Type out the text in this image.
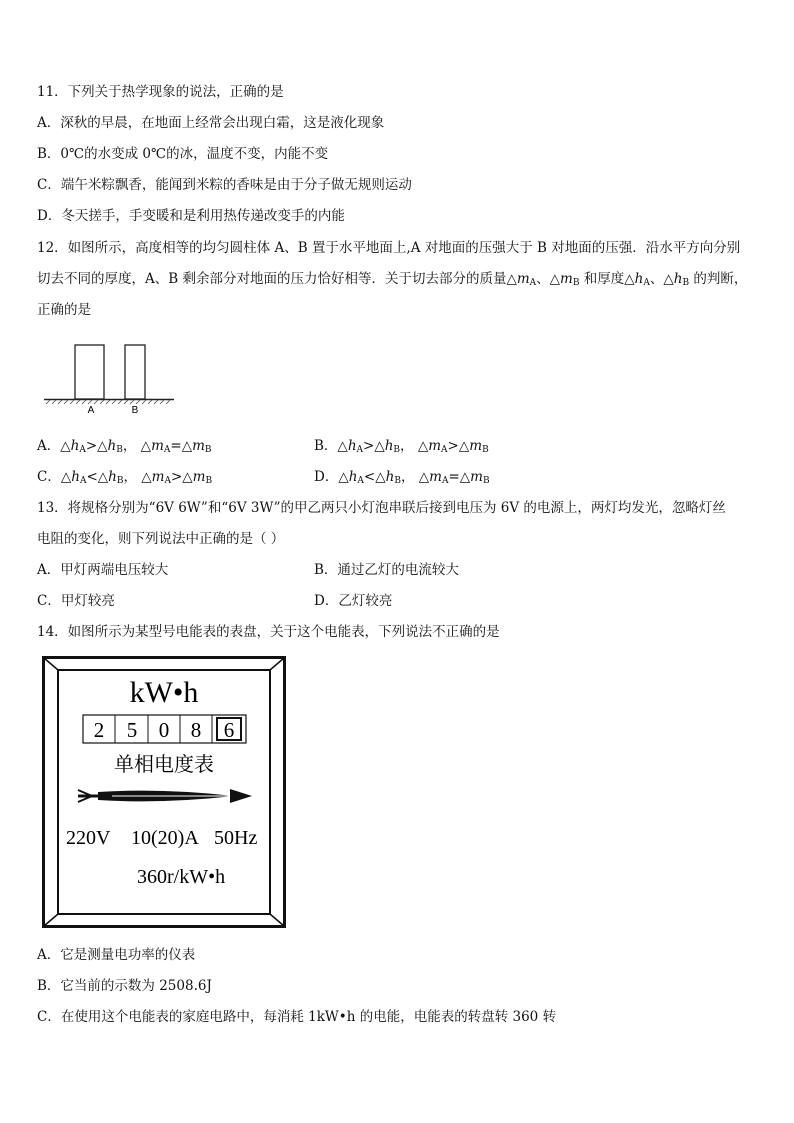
11．下列关于热学现象的说法，正确的是
A．深秋的早晨，在地面上经常会出现白霜，这是液化现象
B．0℃的水变成 0℃的冰，温度不变，内能不变
C．端午米粽飘香，能闻到米粽的香味是由于分子做无规则运动
D．冬天搓手，手变暖和是利用热传递改变手的内能
12．如图所示，高度相等的均匀圆柱体 A、B 置于水平地面上,A 对地面的压强大于 B 对地面的压强．沿水平方向分别
切去不同的厚度，A、B 剩余部分对地面的压力恰好相等．关于切去部分的质量$\triangle m_A$、$\triangle m_B$ 和厚度$\triangle h_A$、$\triangle h_B$ 的判断，
正确的是
A	B
A．$\triangle h_A>\triangle h_B$， $\triangle m_A=\triangle m_B$	B．$\triangle h_A>\triangle h_B$， $\triangle m_A>\triangle m_B$
C．$\triangle h_A<\triangle h_B$， $\triangle m_A>\triangle m_B$	D．$\triangle h_A<\triangle h_B$， $\triangle m_A=\triangle m_B$
13．将规格分别为“6V 6W”和“6V 3W”的甲乙两只小灯泡串联后接到电压为 6V 的电源上，两灯均发光，忽略灯丝
电阻的变化，则下列说法中正确的是（ ）
A．甲灯两端电压较大	B．通过乙灯的电流较大
C．甲灯较亮	D．乙灯较亮
14．如图所示为某型号电能表的表盘，关于这个电能表，下列说法不正确的是
kW•h
2 5 0 8 6
单相电度表
220V 10(20)A 50Hz
360r/kW•h
A．它是测量电功率的仪表
B．它当前的示数为 2508.6J
C．在使用这个电能表的家庭电路中，每消耗 1kW•h 的电能，电能表的转盘转 360 转
